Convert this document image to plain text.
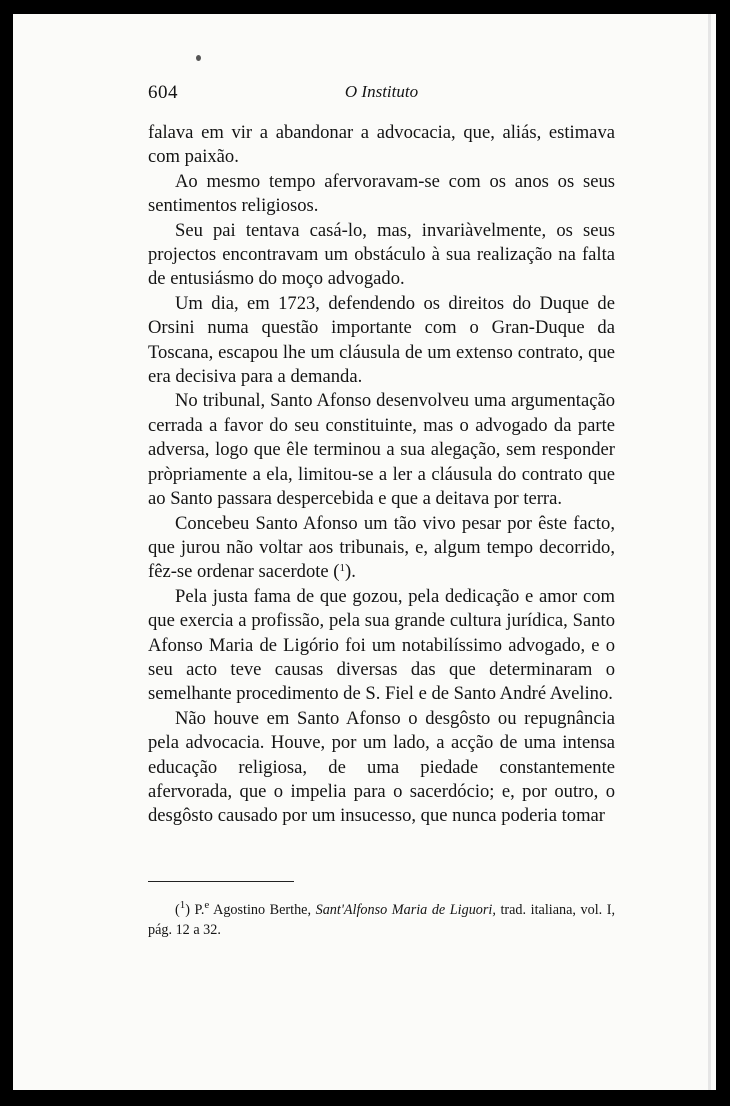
604	O Instituto

falava em vir a abandonar a advocacia, que, aliás, estimava com paixão.

Ao mesmo tempo afervoravam-se com os anos os seus sentimentos religiosos.

Seu pai tentava casá-lo, mas, invariàvelmente, os seus projectos encontravam um obstáculo à sua realização na falta de entusiásmo do moço advogado.

Um dia, em 1723, defendendo os direitos do Duque de Orsini numa questão importante com o Gran-Duque da Toscana, escapou lhe um cláusula de um extenso contrato, que era decisiva para a demanda.

No tribunal, Santo Afonso desenvolveu uma argumentação cerrada a favor do seu constituinte, mas o advogado da parte adversa, logo que êle terminou a sua alegação, sem responder pròpriamente a ela, limitou-se a ler a cláusula do contrato que ao Santo passara despercebida e que a deitava por terra.

Concebeu Santo Afonso um tão vivo pesar por êste facto, que jurou não voltar aos tribunais, e, algum tempo decorrido, fêz-se ordenar sacerdote ($^1$).

Pela justa fama de que gozou, pela dedicação e amor com que exercia a profissão, pela sua grande cultura jurídica, Santo Afonso Maria de Ligório foi um notabilíssimo advogado, e o seu acto teve causas diversas das que determinaram o semelhante procedimento de S. Fiel e de Santo André Avelino.

Não houve em Santo Afonso o desgôsto ou repugnância pela advocacia. Houve, por um lado, a acção de uma intensa educação religiosa, de uma piedade constantemente afervorada, que o impelia para o sacerdócio; e, por outro, o desgôsto causado por um insucesso, que nunca poderia tomar

($^1$) P.$^e$ Agostino Berthe, Sant'Alfonso Maria de Liguori, trad. italiana, vol. I, pág. 12 a 32.
